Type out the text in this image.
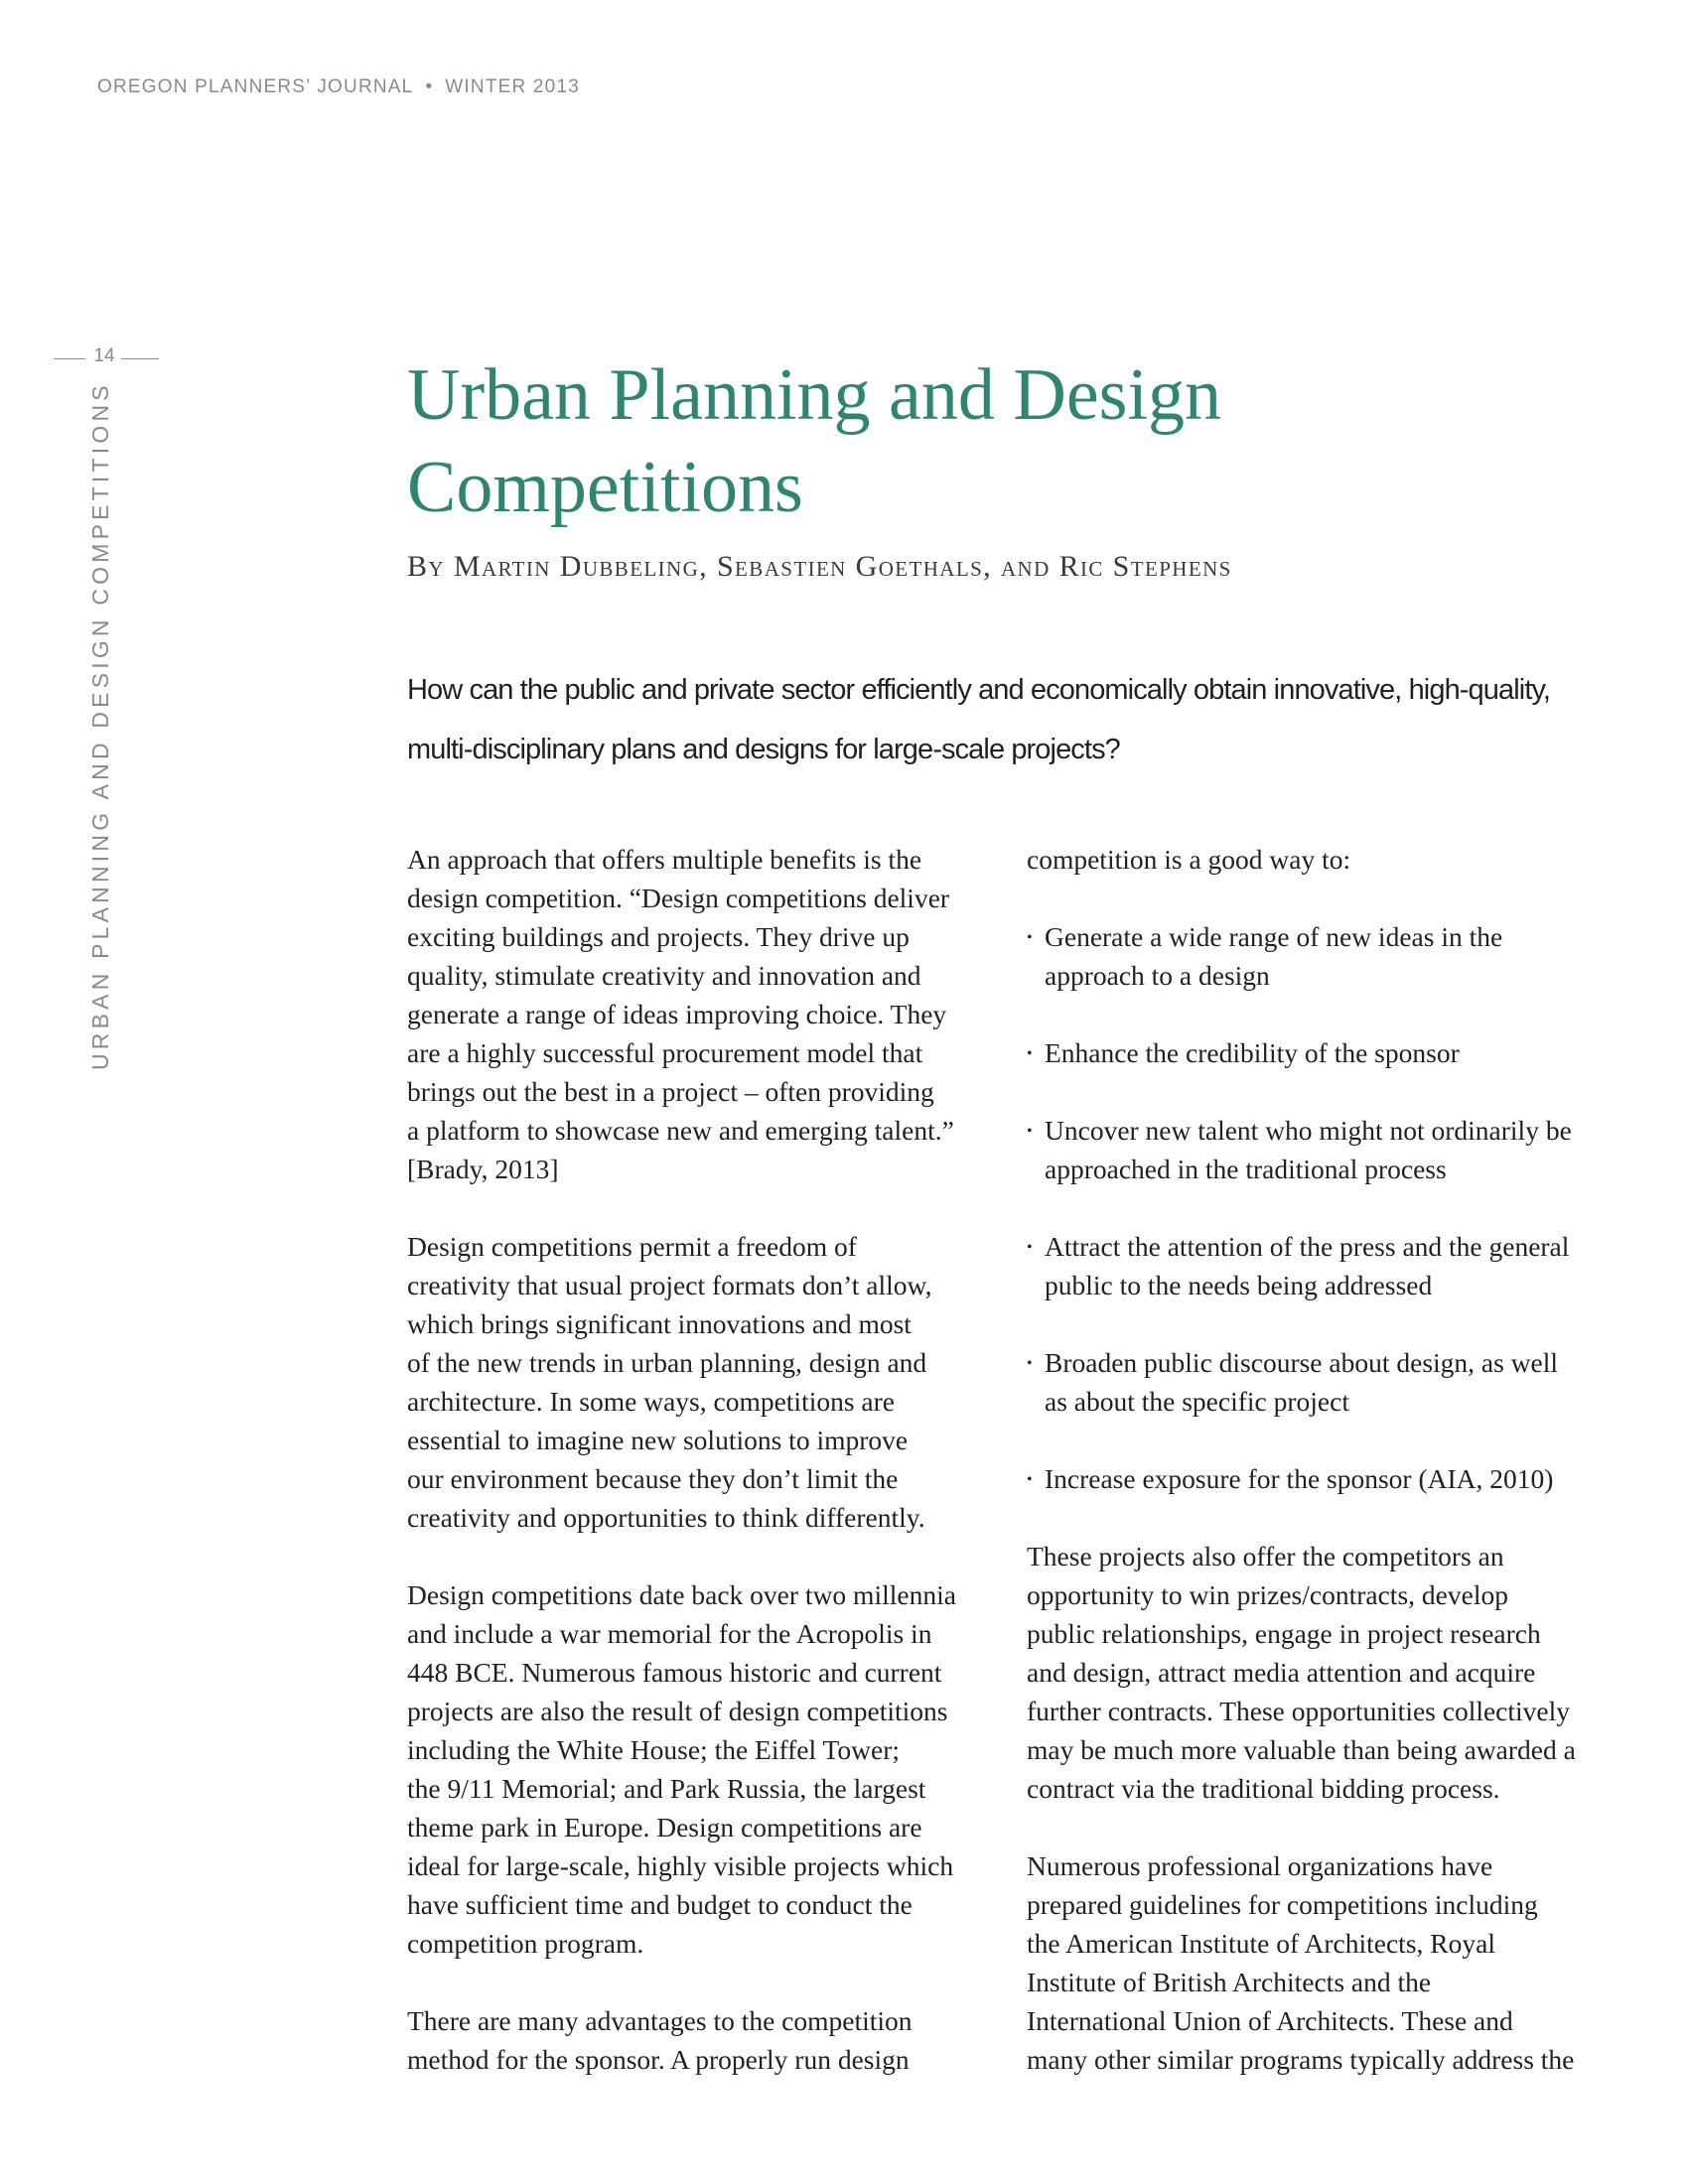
OREGON PLANNERS’ JOURNAL • WINTER 2013
14
URBAN PLANNING AND DESIGN COMPETITIONS	Urban Planning and Design
Competitions
By Martin Dubbeling, Sebastien Goethals, and Ric Stephens
How can the public and private sector efficiently and economically obtain innovative, high-quality,
multi-disciplinary plans and designs for large-scale projects?

An approach that offers multiple benefits is the
design competition. “Design competitions deliver
exciting buildings and projects. They drive up
quality, stimulate creativity and innovation and
generate a range of ideas improving choice. They
are a highly successful procurement model that
brings out the best in a project – often providing
a platform to showcase new and emerging talent.”
[Brady, 2013]

Design competitions permit a freedom of
creativity that usual project formats don’t allow,
which brings significant innovations and most
of the new trends in urban planning, design and
architecture. In some ways, competitions are
essential to imagine new solutions to improve
our environment because they don’t limit the
creativity and opportunities to think differently.

Design competitions date back over two millennia
and include a war memorial for the Acropolis in
448 BCE. Numerous famous historic and current
projects are also the result of design competitions
including the White House; the Eiffel Tower;
the 9/11 Memorial; and Park Russia, the largest
theme park in Europe. Design competitions are
ideal for large-scale, highly visible projects which
have sufficient time and budget to conduct the
competition program.

There are many advantages to the competition
method for the sponsor. A properly run design

competition is a good way to:

• Generate a wide range of new ideas in the
approach to a design
• Enhance the credibility of the sponsor
• Uncover new talent who might not ordinarily be
approached in the traditional process
• Attract the attention of the press and the general
public to the needs being addressed
• Broaden public discourse about design, as well
as about the specific project
• Increase exposure for the sponsor (AIA, 2010)

These projects also offer the competitors an
opportunity to win prizes/contracts, develop
public relationships, engage in project research
and design, attract media attention and acquire
further contracts. These opportunities collectively
may be much more valuable than being awarded a
contract via the traditional bidding process.

Numerous professional organizations have
prepared guidelines for competitions including
the American Institute of Architects, Royal
Institute of British Architects and the
International Union of Architects. These and
many other similar programs typically address the
